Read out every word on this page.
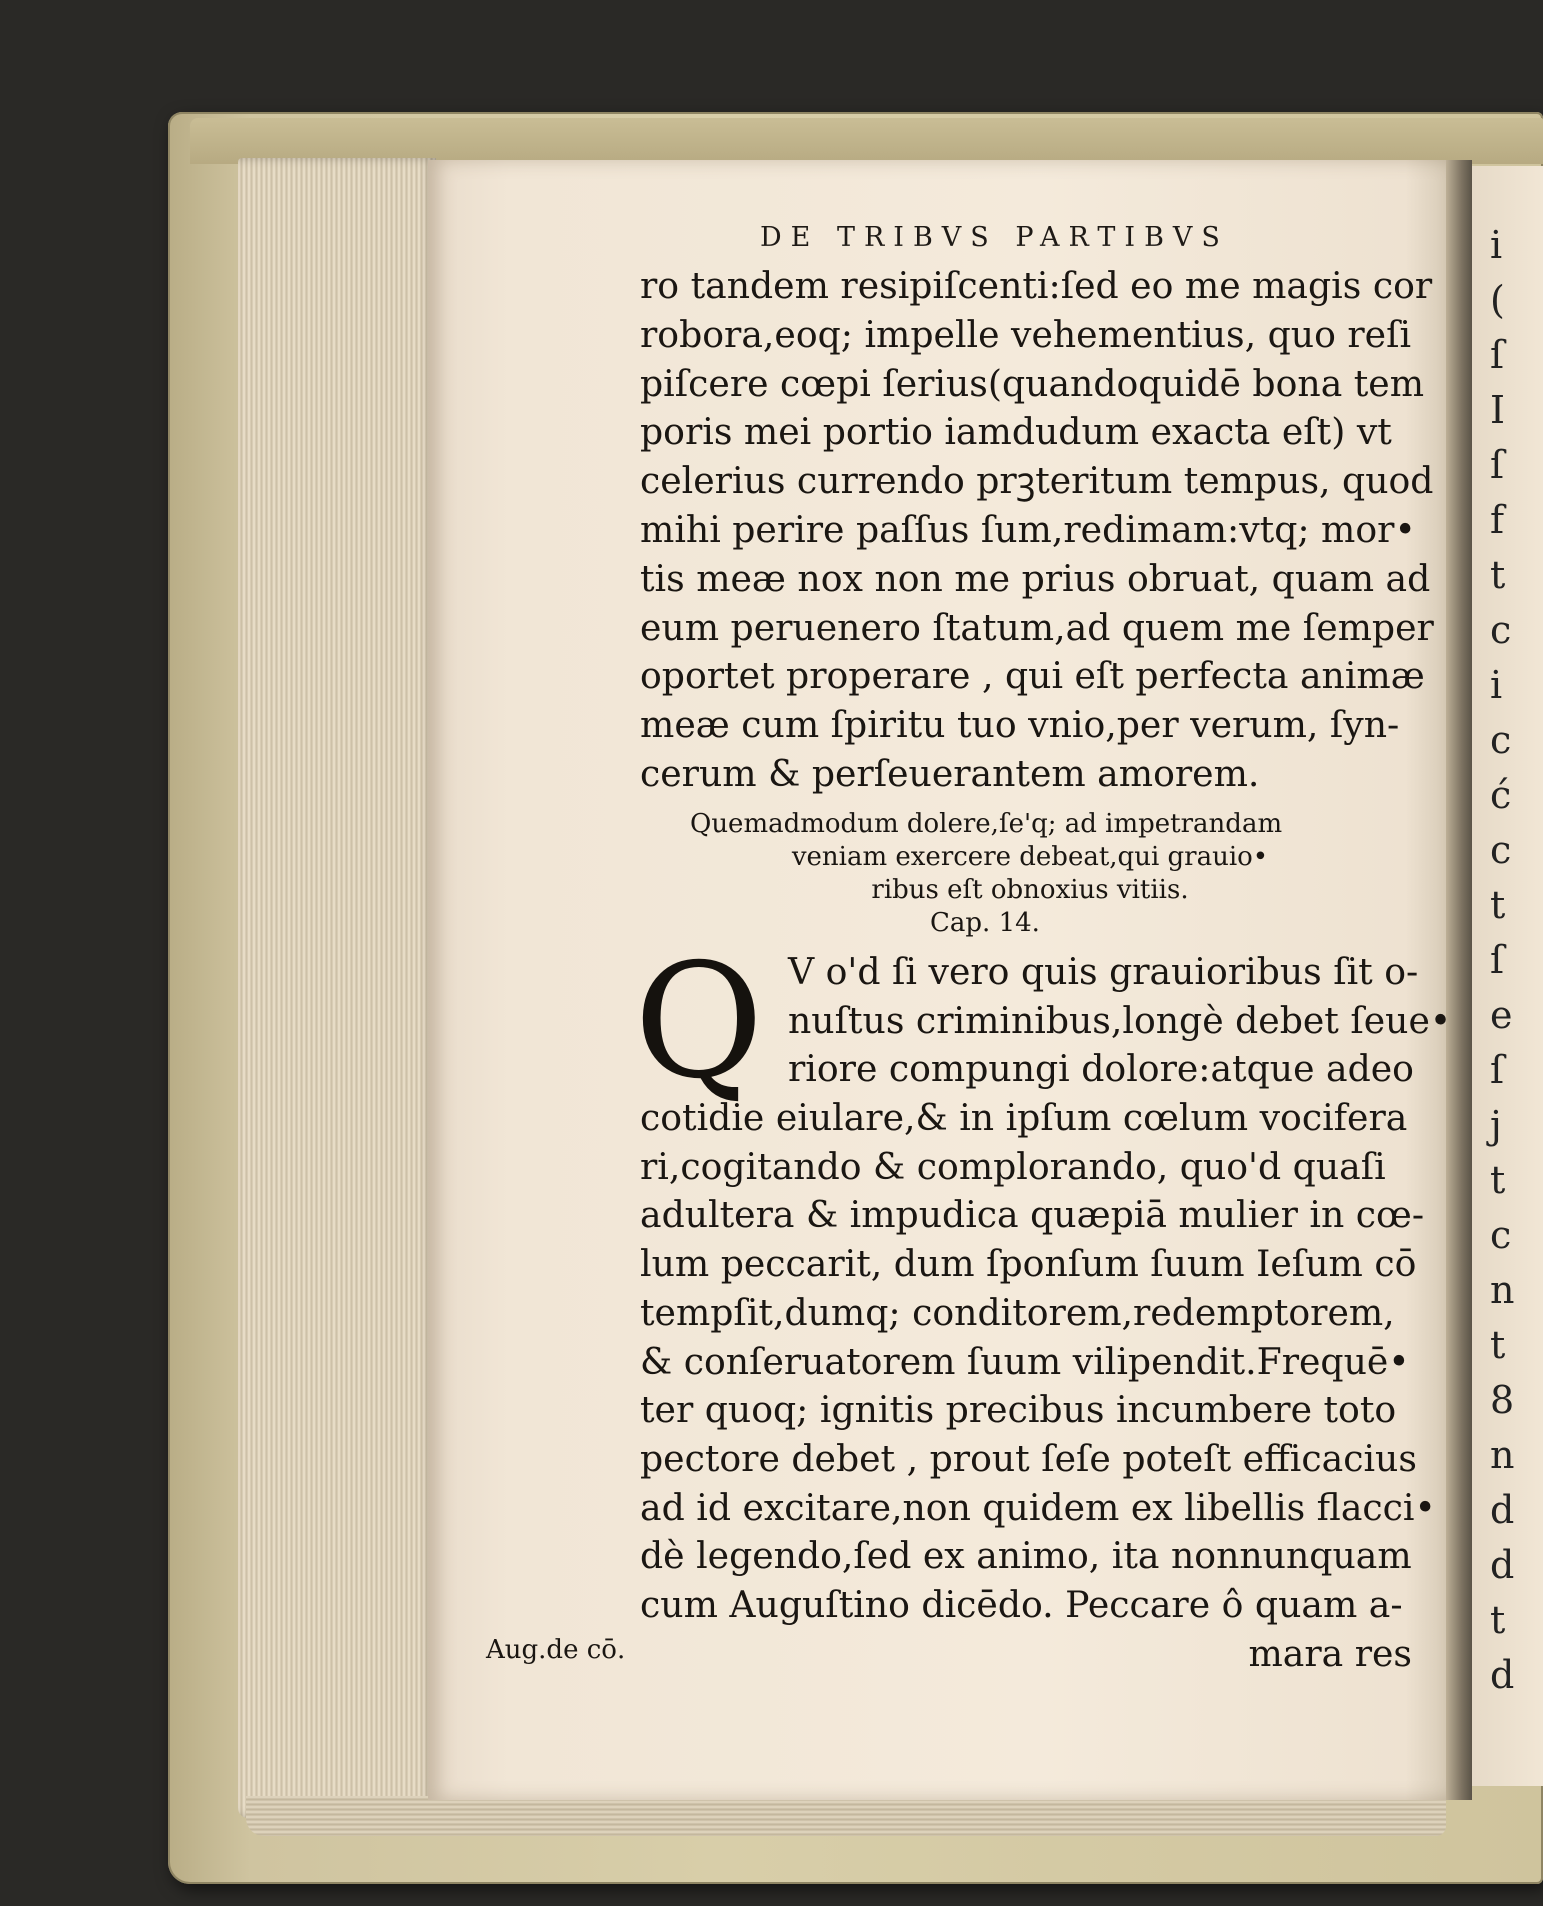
i
(
ſ
I
ſ
f
t
c
i
c
ć
c
t
ſ
e
ſ
j
t
c
n
t
8
n
d
d
t
d
DE TRIBVS PARTIBVS
ro tandem resipiſcenti:ſed eo me magis cor
robora,eoq; impelle vehementius, quo reſi
piſcere cœpi ſerius(quandoquidē bona tem
poris mei portio iamdudum exacta eſt) vt
celerius currendo prꝫteritum tempus, quod
mihi perire paſſus ſum,redimam:vtq; mor•
tis meæ nox non me prius obruat, quam ad
eum peruenero ſtatum,ad quem me ſemper
oportet properare , qui eſt perfecta animæ
meæ cum ſpiritu tuo vnio,per verum, ſyn-
cerum & perſeuerantem amorem.
Quemadmodum dolere,ſe'q; ad impetrandam
veniam exercere debeat,qui grauio•
ribus eſt obnoxius vitiis.
Cap. 14.
Q V o'd ſi vero quis grauioribus ſit o-
nuſtus criminibus,longè debet ſeue•
riore compungi dolore:atque adeo
cotidie eiulare,& in ipſum cœlum vocifera
ri,cogitando & complorando, quo'd quaſi
adultera & impudica quæpiā mulier in cœ-
lum peccarit, dum ſponſum ſuum Ieſum cō
tempſit,dumq; conditorem,redemptorem,
& conſeruatorem ſuum vilipendit.Frequē•
ter quoq; ignitis precibus incumbere toto
pectore debet , prout ſeſe poteſt efficacius
ad id excitare,non quidem ex libellis flacci•
dè legendo,ſed ex animo, ita nonnunquam
cum Auguſtino dicēdo. Peccare ô quam a-
mara res
Aug.de cō.
